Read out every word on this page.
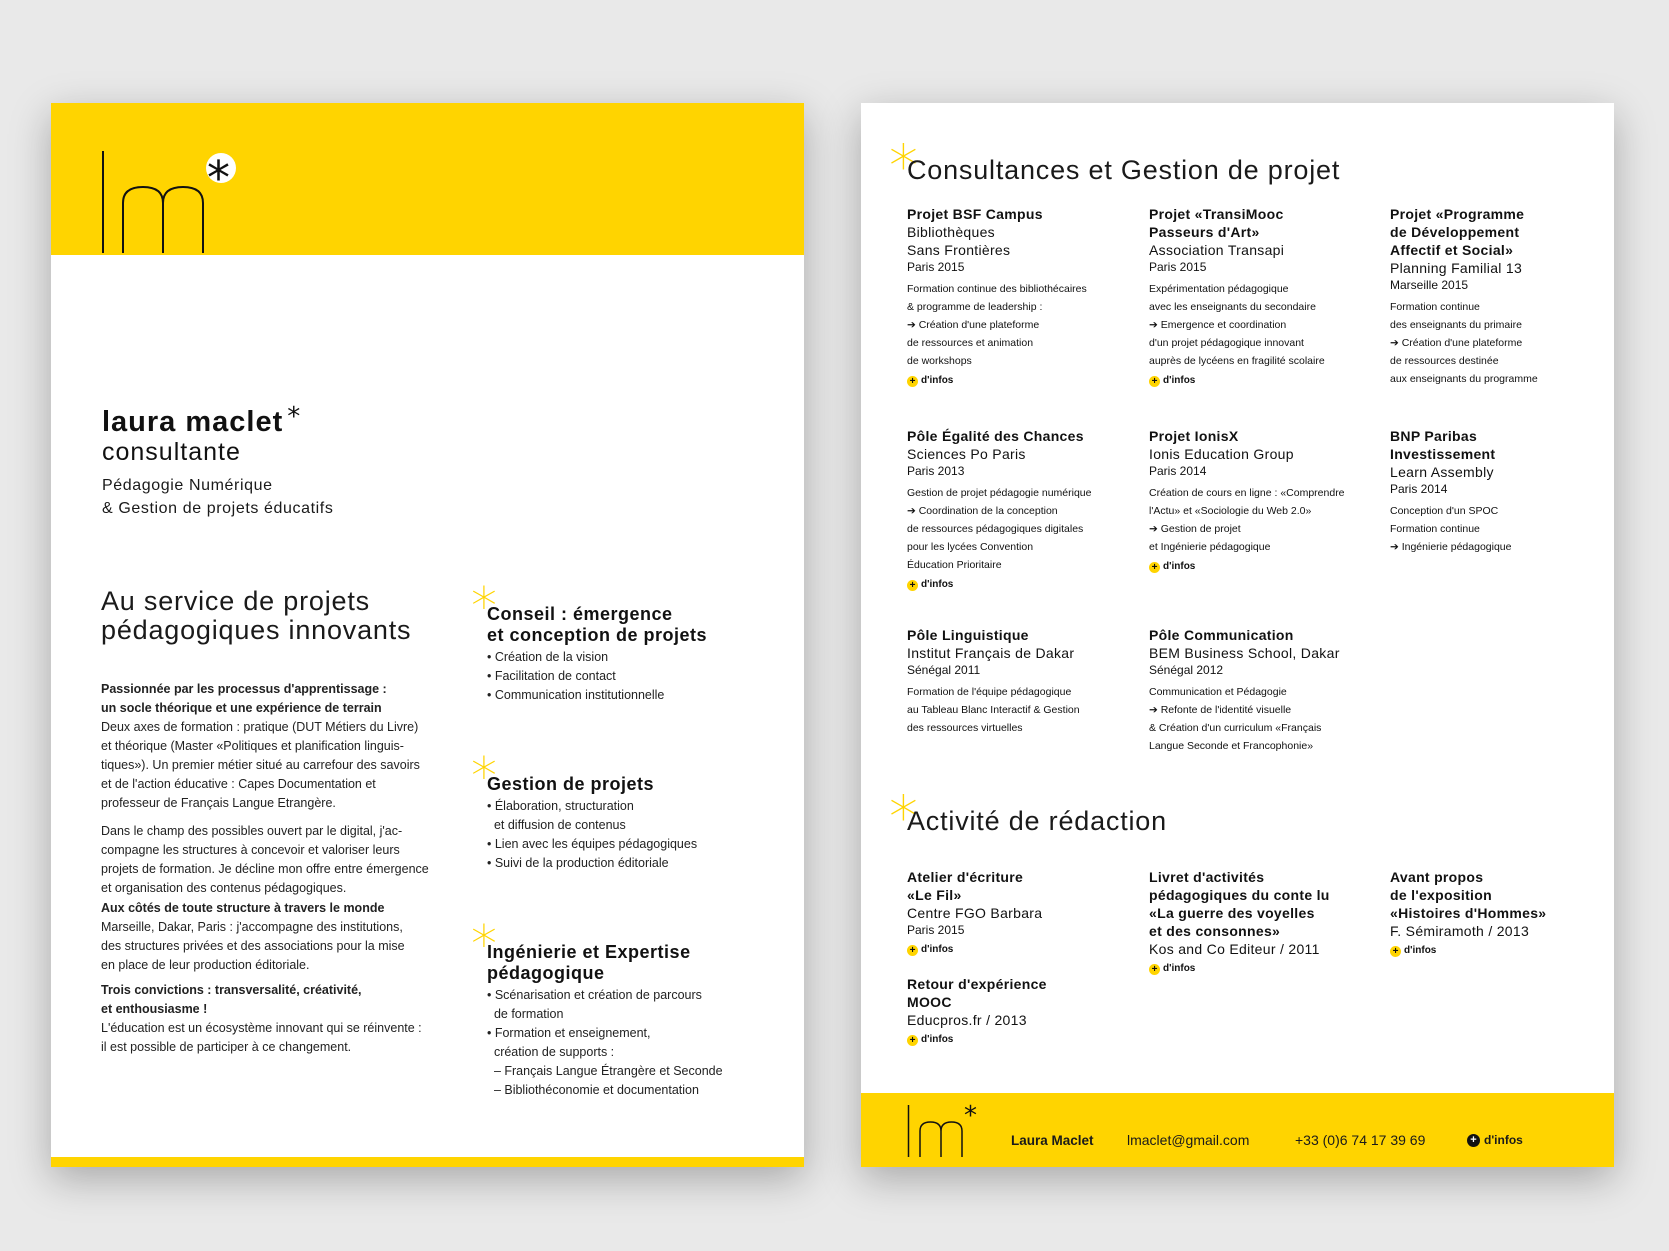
*
laura maclet *
consultante
Pédagogie Numérique
& Gestion de projets éducatifs
Au service de projets
pédagogiques innovants
Passionnée par les processus d'apprentissage :
un socle théorique et une expérience de terrain
Deux axes de formation : pratique (DUT Métiers du Livre)
et théorique (Master «Politiques et planification linguis-
tiques»). Un premier métier situé au carrefour des savoirs
et de l'action éducative : Capes Documentation et
professeur de Français Langue Etrangère.
Dans le champ des possibles ouvert par le digital, j'ac-
compagne les structures à concevoir et valoriser leurs
projets de formation. Je décline mon offre entre émergence
et organisation des contenus pédagogiques.
Aux côtés de toute structure à travers le monde
Marseille, Dakar, Paris : j'accompagne des institutions,
des structures privées et des associations pour la mise
en place de leur production éditoriale.
Trois convictions : transversalité, créativité,
et enthousiasme !
L'éducation est un écosystème innovant qui se réinvente :
il est possible de participer à ce changement.
*
Conseil : émergence
et conception de projets
• Création de la vision
• Facilitation de contact
• Communication institutionnelle
*
Gestion de projets
• Élaboration, structuration
et diffusion de contenus
• Lien avec les équipes pédagogiques
• Suivi de la production éditoriale
*
Ingénierie et Expertise
pédagogique
• Scénarisation et création de parcours
de formation
• Formation et enseignement,
création de supports :
– Français Langue Étrangère et Seconde
– Bibliothéconomie et documentation
*
Consultances et Gestion de projet
Projet BSF Campus
Bibliothèques
Sans Frontières
Paris 2015
Formation continue des bibliothécaires
& programme de leadership :
➔ Création d'une plateforme
de ressources et animation
de workshops
+ d'infos
Projet «TransiMooc
Passeurs d'Art»
Association Transapi
Paris 2015
Expérimentation pédagogique
avec les enseignants du secondaire
➔ Emergence et coordination
d'un projet pédagogique innovant
auprès de lycéens en fragilité scolaire
+ d'infos
Projet «Programme
de Développement
Affectif et Social»
Planning Familial 13
Marseille 2015
Formation continue
des enseignants du primaire
➔ Création d'une plateforme
de ressources destinée
aux enseignants du programme
Pôle Égalité des Chances
Sciences Po Paris
Paris 2013
Gestion de projet pédagogie numérique
➔ Coordination de la conception
de ressources pédagogiques digitales
pour les lycées Convention
Éducation Prioritaire
+ d'infos
Projet IonisX
Ionis Education Group
Paris 2014
Création de cours en ligne : «Comprendre
l'Actu» et «Sociologie du Web 2.0»
➔ Gestion de projet
et Ingénierie pédagogique
+ d'infos
BNP Paribas
Investissement
Learn Assembly
Paris 2014
Conception d'un SPOC
Formation continue
➔ Ingénierie pédagogique
Pôle Linguistique
Institut Français de Dakar
Sénégal 2011
Formation de l'équipe pédagogique
au Tableau Blanc Interactif & Gestion
des ressources virtuelles
Pôle Communication
BEM Business School, Dakar
Sénégal 2012
Communication et Pédagogie
➔ Refonte de l'identité visuelle
& Création d'un curriculum «Français
Langue Seconde et Francophonie»
*
Activité de rédaction
Atelier d'écriture
«Le Fil»
Centre FGO Barbara
Paris 2015
+ d'infos
Livret d'activités
pédagogiques du conte lu
«La guerre des voyelles
et des consonnes»
Kos and Co Editeur / 2011
+ d'infos
Avant propos
de l'exposition
«Histoires d'Hommes»
F. Sémiramoth / 2013
+ d'infos
Retour d'expérience
MOOC
Educpros.fr / 2013
+ d'infos
*
Laura Maclet lmaclet@gmail.com	+33 (0)6 74 17 39 69	+ d'infos
